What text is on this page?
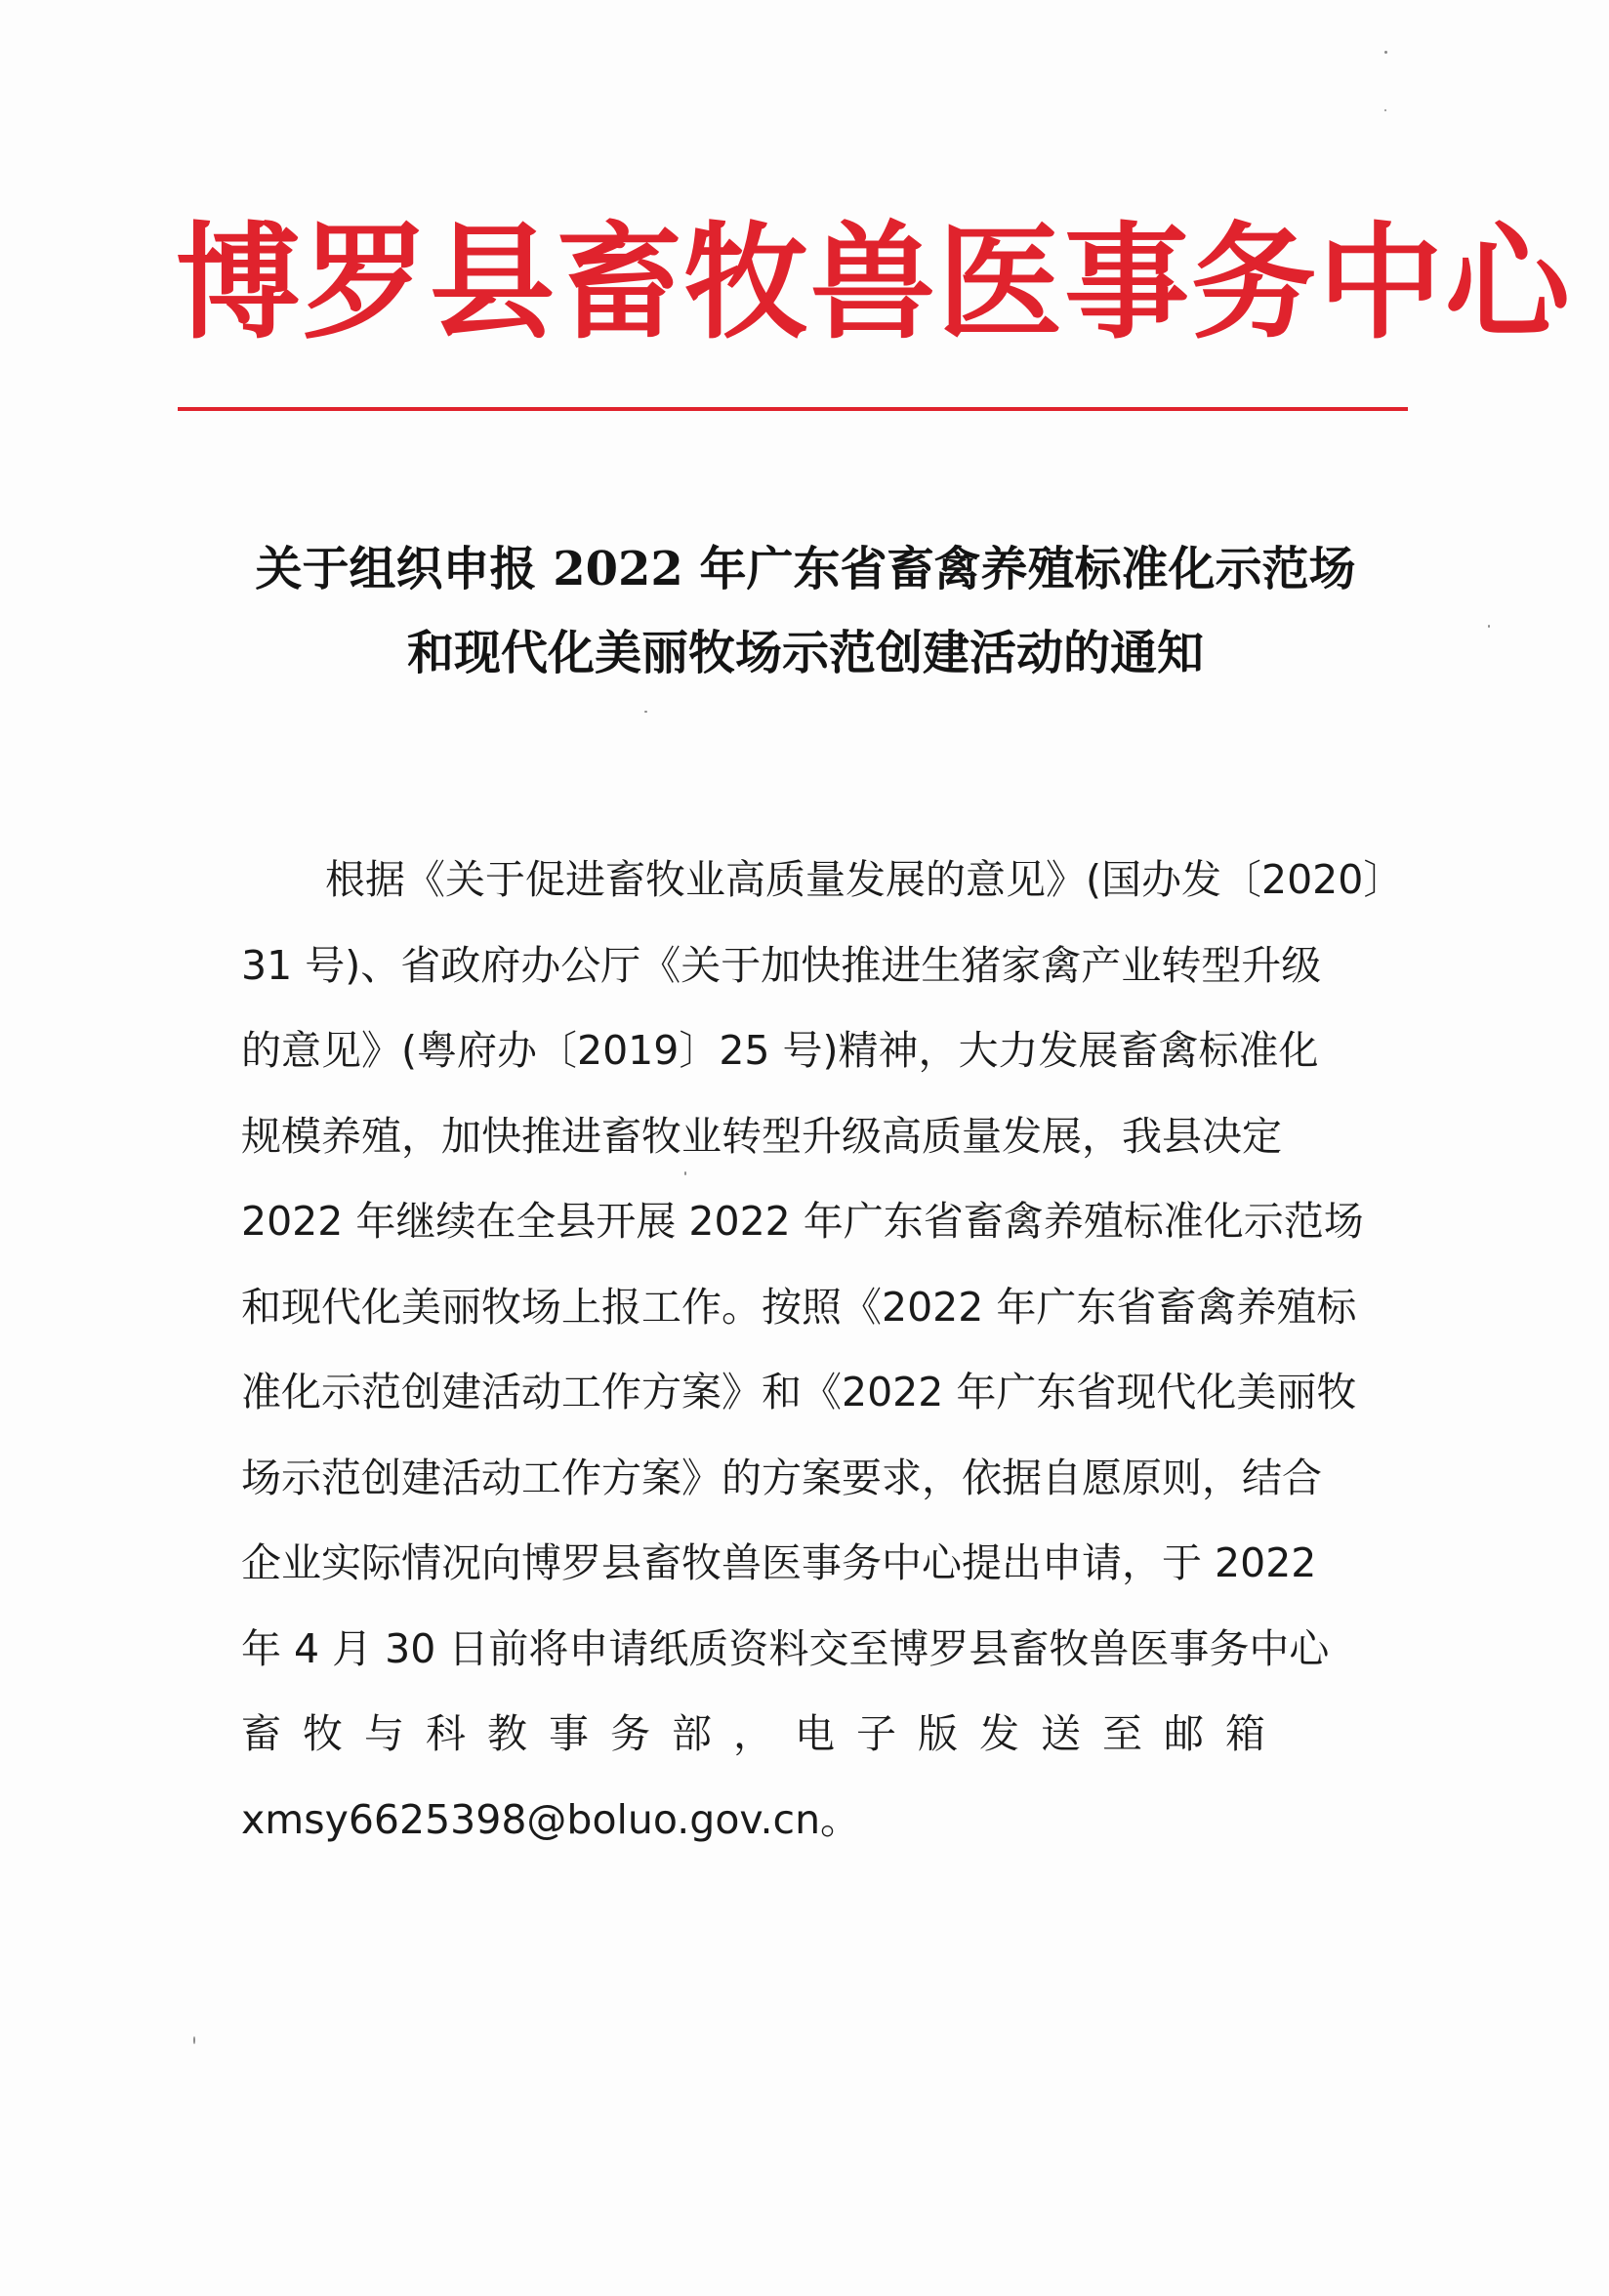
博罗县畜牧兽医事务中心
关于组织申报 2022 年广东省畜禽养殖标准化示范场
和现代化美丽牧场示范创建活动的通知
根据《关于促进畜牧业高质量发展的意见》(国办发〔2020〕
31 号)、省政府办公厅《关于加快推进生猪家禽产业转型升级
的意见》(粤府办〔2019〕25 号)精神，大力发展畜禽标准化
规模养殖，加快推进畜牧业转型升级高质量发展，我县决定
2022 年继续在全县开展 2022 年广东省畜禽养殖标准化示范场
和现代化美丽牧场上报工作。按照《2022 年广东省畜禽养殖标
准化示范创建活动工作方案》和《2022 年广东省现代化美丽牧
场示范创建活动工作方案》的方案要求，依据自愿原则，结合
企业实际情况向博罗县畜牧兽医事务中心提出申请，于 2022
年 4 月 30 日前将申请纸质资料交至博罗县畜牧兽医事务中心
畜牧与科教事务部，电子版发送至邮箱
xmsy6625398@boluo.gov.cn。
